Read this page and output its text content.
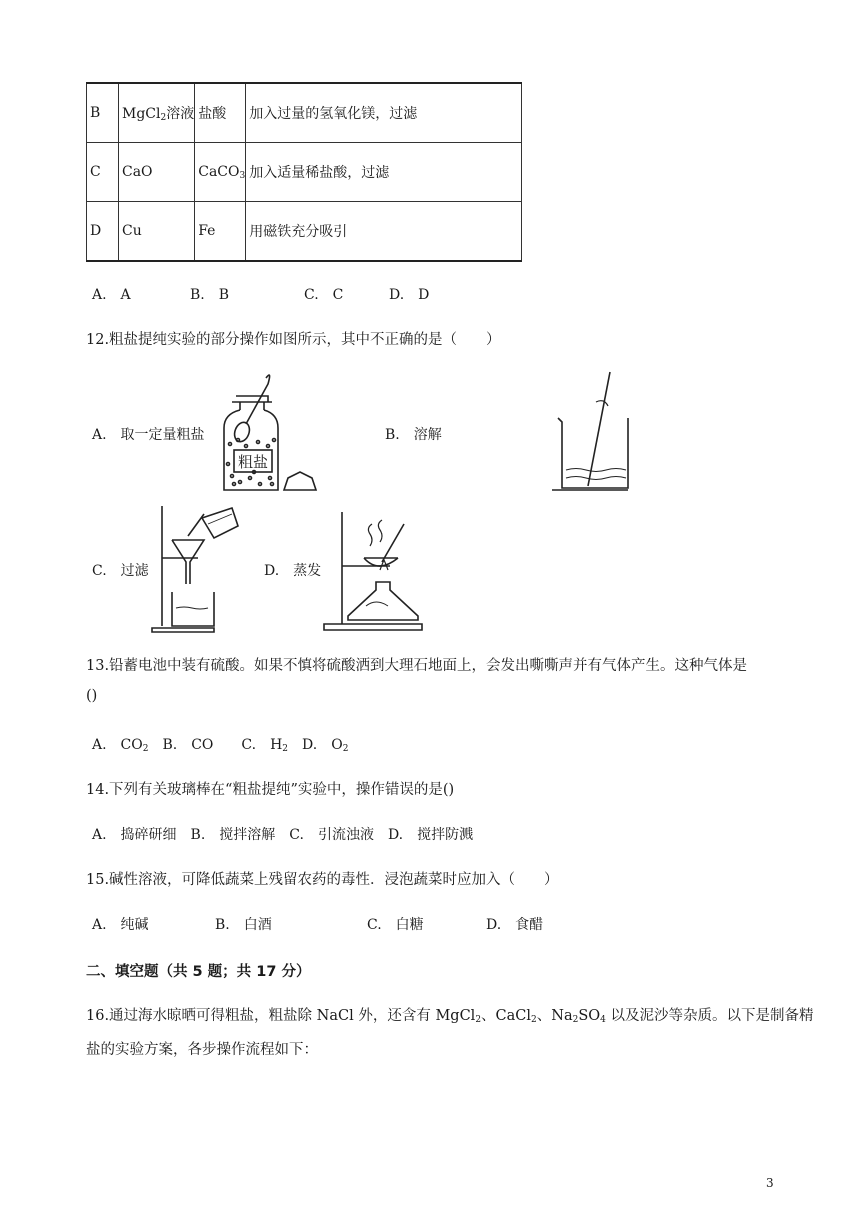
B	MgCl$_2$溶液	盐酸	加入过量的氢氧化镁，过滤
C	CaO	CaCO$_3$	加入适量稀盐酸，过滤
D	Cu	Fe	用磁铁充分吸引
A.　A	B.　B	C.　C	D.　D
12.粗盐提纯实验的部分操作如图所示，其中不正确的是（　　）
A.　取一定量粗盐	B.　溶解
C.　过滤	D.　蒸发
粗盐
13.铅蓄电池中装有硫酸。如果不慎将硫酸洒到大理石地面上，会发出嘶嘶声并有气体产生。这种气体是
()
A.　$CO_2$　B.　CO　　C.　$H_2$　D.　$O_2$
14.下列有关玻璃棒在“粗盐提纯”实验中，操作错误的是()
A.　捣碎研细　B.　搅拌溶解　C.　引流浊液　D.　搅拌防溅
15.碱性溶液，可降低蔬菜上残留农药的毒性．浸泡蔬菜时应加入（　　）
A.　纯碱	B.　白酒	C.　白糖	D.　食醋
二、填空题（共 5 题；共 17 分）
16.通过海水晾晒可得粗盐，粗盐除 NaCl 外，还含有 MgCl$_2$、CaCl$_2$、$Na_2SO_4$ 以及泥沙等杂质。以下是制备精
盐的实验方案，各步操作流程如下：
3
